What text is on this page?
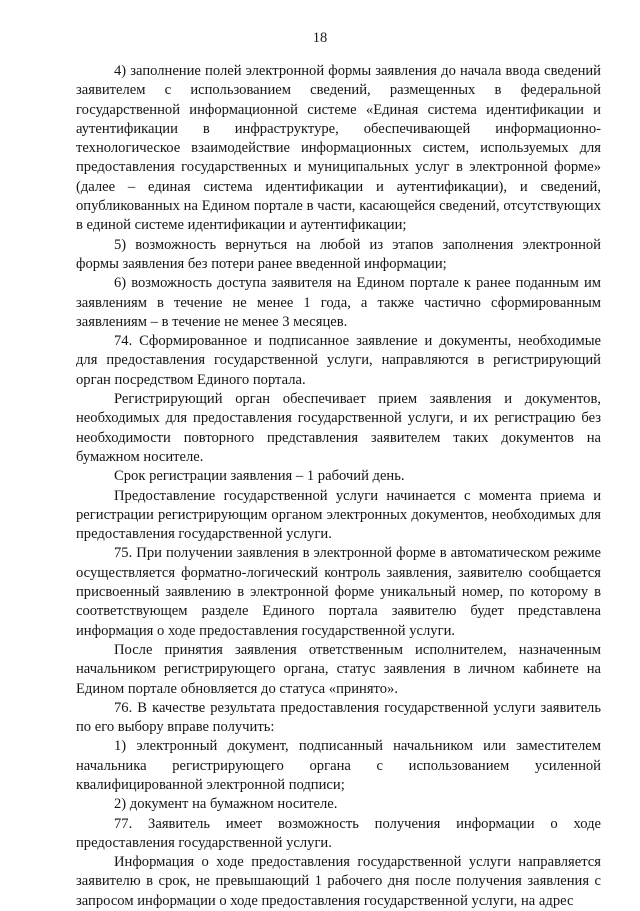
18

4) заполнение полей электронной формы заявления до начала ввода сведений заявителем с использованием сведений, размещенных в федеральной государственной информационной системе «Единая система идентификации и аутентификации в инфраструктуре, обеспечивающей информационно-технологическое взаимодействие информационных систем, используемых для предоставления государственных и муниципальных услуг в электронной форме» (далее – единая система идентификации и аутентификации), и сведений, опубликованных на Едином портале в части, касающейся сведений, отсутствующих в единой системе идентификации и аутентификации;

5) возможность вернуться на любой из этапов заполнения электронной формы заявления без потери ранее введенной информации;

6) возможность доступа заявителя на Едином портале к ранее поданным им заявлениям в течение не менее 1 года, а также частично сформированным заявлениям – в течение не менее 3 месяцев.

74. Сформированное и подписанное заявление и документы, необходимые для предоставления государственной услуги, направляются в регистрирующий орган посредством Единого портала.

Регистрирующий орган обеспечивает прием заявления и документов, необходимых для предоставления государственной услуги, и их регистрацию без необходимости повторного представления заявителем таких документов на бумажном носителе.

Срок регистрации заявления – 1 рабочий день.

Предоставление государственной услуги начинается с момента приема и регистрации регистрирующим органом электронных документов, необходимых для предоставления государственной услуги.

75. При получении заявления в электронной форме в автоматическом режиме осуществляется форматно-логический контроль заявления, заявителю сообщается присвоенный заявлению в электронной форме уникальный номер, по которому в соответствующем разделе Единого портала заявителю будет представлена информация о ходе предоставления государственной услуги.

После принятия заявления ответственным исполнителем, назначенным начальником регистрирующего органа, статус заявления в личном кабинете на Едином портале обновляется до статуса «принято».

76. В качестве результата предоставления государственной услуги заявитель по его выбору вправе получить:

1) электронный документ, подписанный начальником или заместителем начальника регистрирующего органа с использованием усиленной квалифицированной электронной подписи;

2) документ на бумажном носителе.

77. Заявитель имеет возможность получения информации о ходе предоставления государственной услуги.

Информация о ходе предоставления государственной услуги направляется заявителю в срок, не превышающий 1 рабочего дня после получения заявления с запросом информации о ходе предоставления государственной услуги, на адрес
